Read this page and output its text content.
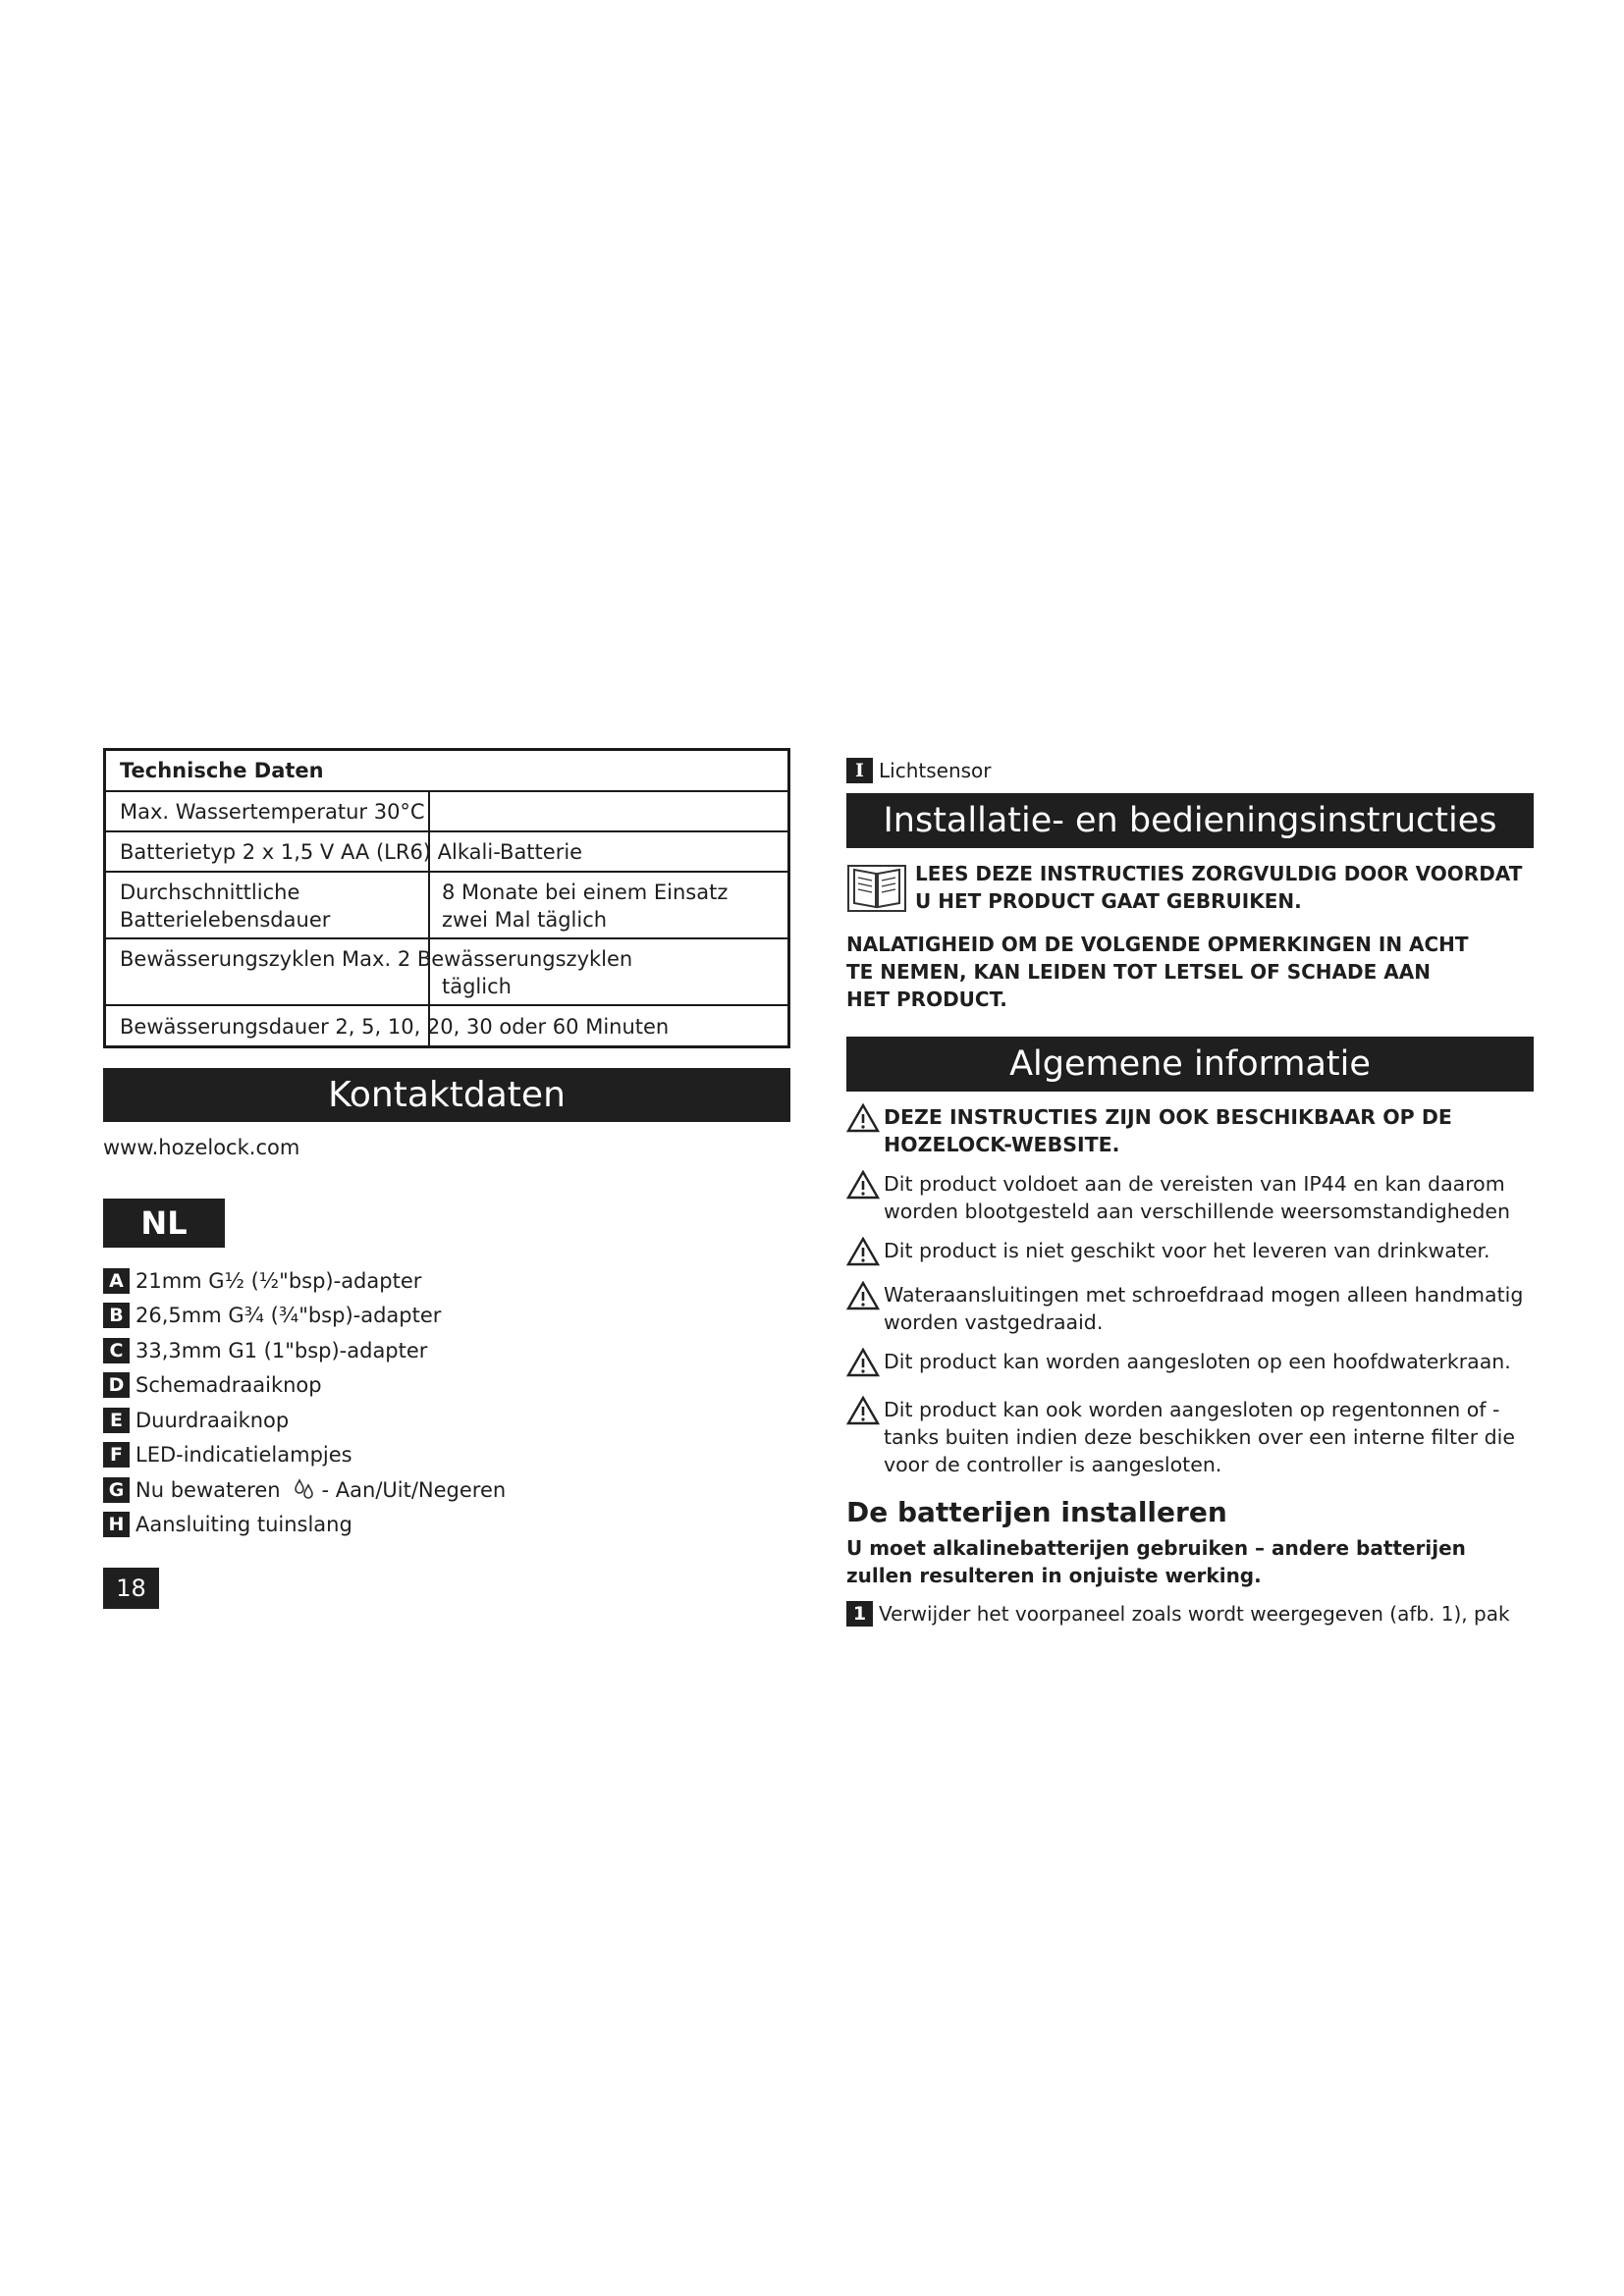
Technische Daten
Max. Wassertemperatur 30°C
Batterietyp 2 x 1,5 V AA (LR6) Alkali-Batterie
Durchschnittliche Batterielebensdauer
8 Monate bei einem Einsatz zwei Mal täglich
Bewässerungszyklen Max. 2 Bewässerungszyklen
täglich
Bewässerungsdauer 2, 5, 10, 20, 30 oder 60 Minuten
Kontaktdaten
www.hozelock.com
NL
A 21mm G½ (½"bsp)-adapter
B 26,5mm G¾ (¾"bsp)-adapter
C 33,3mm G1 (1"bsp)-adapter
D Schemadraaiknop
E Duurdraaiknop
F LED-indicatielampjes
G Nu bewateren - Aan/Uit/Negeren
H Aansluiting tuinslang
18
I Lichtsensor
Installatie- en bedieningsinstructies
LEES DEZE INSTRUCTIES ZORGVULDIG DOOR VOORDAT U HET PRODUCT GAAT GEBRUIKEN.
NALATIGHEID OM DE VOLGENDE OPMERKINGEN IN ACHT TE NEMEN, KAN LEIDEN TOT LETSEL OF SCHADE AAN HET PRODUCT.
Algemene informatie
DEZE INSTRUCTIES ZIJN OOK BESCHIKBAAR OP DE HOZELOCK-WEBSITE.
Dit product voldoet aan de vereisten van IP44 en kan daarom worden blootgesteld aan verschillende weersomstandigheden
Dit product is niet geschikt voor het leveren van drinkwater.
Wateraansluitingen met schroefdraad mogen alleen handmatig worden vastgedraaid.
Dit product kan worden aangesloten op een hoofdwaterkraan.
Dit product kan ook worden aangesloten op regentonnen of -tanks buiten indien deze beschikken over een interne filter die voor de controller is aangesloten.
De batterijen installeren
U moet alkalinebatterijen gebruiken – andere batterijen zullen resulteren in onjuiste werking.
1 Verwijder het voorpaneel zoals wordt weergegeven (afb. 1), pak
